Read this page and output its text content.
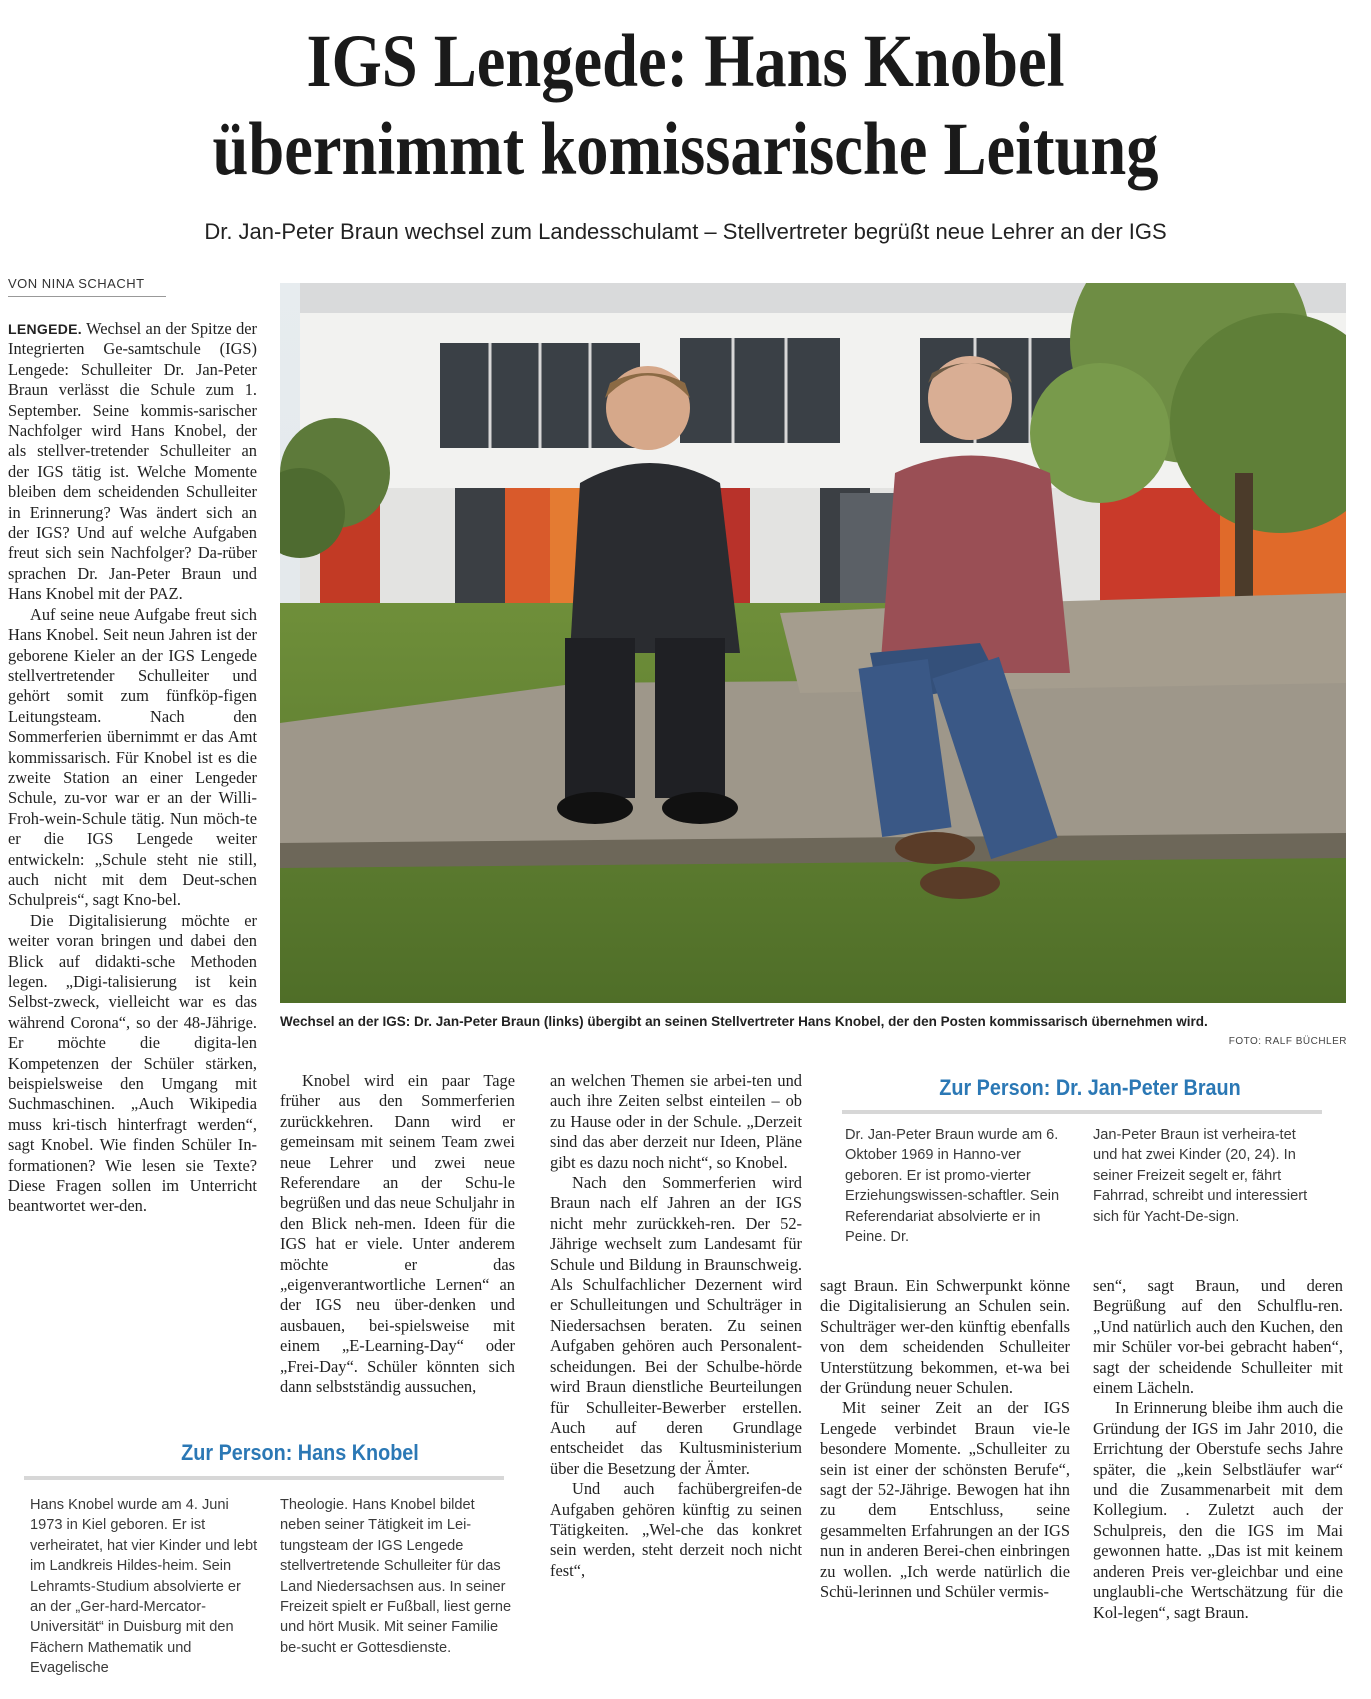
IGS Lengede: Hans Knobel
übernimmt komissarische Leitung
Dr. Jan-Peter Braun wechsel zum Landesschulamt – Stellvertreter begrüßt neue Lehrer an der IGS
VON NINA SCHACHT

LENGEDE. Wechsel an der Spitze der Integrierten Ge-samtschule (IGS) Lengede: Schulleiter Dr. Jan-Peter Braun verlässt die Schule zum 1. September. Seine kommis-sarischer Nachfolger wird Hans Knobel, der als stellver-tretender Schulleiter an der IGS tätig ist. Welche Momente bleiben dem scheidenden Schulleiter in Erinnerung? Was ändert sich an der IGS? Und auf welche Aufgaben freut sich sein Nachfolger? Da-rüber sprachen Dr. Jan-Peter Braun und Hans Knobel mit der PAZ.

Auf seine neue Aufgabe freut sich Hans Knobel. Seit neun Jahren ist der geborene Kieler an der IGS Lengede stellvertretender Schulleiter und gehört somit zum fünfköp-figen Leitungsteam. Nach den Sommerferien übernimmt er das Amt kommissarisch. Für Knobel ist es die zweite Station an einer Lengeder Schule, zu-vor war er an der Willi-Froh-wein-Schule tätig. Nun möch-te er die IGS Lengede weiter entwickeln: „Schule steht nie still, auch nicht mit dem Deut-schen Schulpreis“, sagt Kno-bel.

Die Digitalisierung möchte er weiter voran bringen und dabei den Blick auf didakti-sche Methoden legen. „Digi-talisierung ist kein Selbst-zweck, vielleicht war es das während Corona“, so der 48-Jährige. Er möchte die digita-len Kompetenzen der Schüler stärken, beispielsweise den Umgang mit Suchmaschinen. „Auch Wikipedia muss kri-tisch hinterfragt werden“, sagt Knobel. Wie finden Schüler In-formationen? Wie lesen sie Texte? Diese Fragen sollen im Unterricht beantwortet wer-den.

Wechsel an der IGS: Dr. Jan-Peter Braun (links) übergibt an seinen Stellvertreter Hans Knobel, der den Posten kommissarisch übernehmen wird.
FOTO: RALF BÜCHLER

Knobel wird ein paar Tage früher aus den Sommerferien zurückkehren. Dann wird er gemeinsam mit seinem Team zwei neue Lehrer und zwei neue Referendare an der Schu-le begrüßen und das neue Schuljahr in den Blick neh-men. Ideen für die IGS hat er viele. Unter anderem möchte er das „eigenverantwortliche Lernen“ an der IGS neu über-denken und ausbauen, bei-spielsweise mit einem „E-Learning-Day“ oder „Frei-Day“. Schüler könnten sich dann selbstständig aussuchen,

Zur Person: Hans Knobel

Hans Knobel wurde am 4. Juni 1973 in Kiel geboren. Er ist verheiratet, hat vier Kinder und lebt im Landkreis Hildes-heim. Sein Lehramts-Studium absolvierte er an der „Ger-hard-Mercator-Universität“ in Duisburg mit den Fächern Mathematik und Evagelische

Theologie. Hans Knobel bildet neben seiner Tätigkeit im Lei-tungsteam der IGS Lengede stellvertretende Schulleiter für das Land Niedersachsen aus. In seiner Freizeit spielt er Fußball, liest gerne und hört Musik. Mit seiner Familie be-sucht er Gottesdienste.

an welchen Themen sie arbei-ten und auch ihre Zeiten selbst einteilen – ob zu Hause oder in der Schule. „Derzeit sind das aber derzeit nur Ideen, Pläne gibt es dazu noch nicht“, so Knobel.

Nach den Sommerferien wird Braun nach elf Jahren an der IGS nicht mehr zurückkeh-ren. Der 52-Jährige wechselt zum Landesamt für Schule und Bildung in Braunschweig. Als Schulfachlicher Dezernent wird er Schulleitungen und Schulträger in Niedersachsen beraten. Zu seinen Aufgaben gehören auch Personalent-scheidungen. Bei der Schulbe-hörde wird Braun dienstliche Beurteilungen für Schulleiter-Bewerber erstellen. Auch auf deren Grundlage entscheidet das Kultusministerium über die Besetzung der Ämter.

Und auch fachübergreifen-de Aufgaben gehören künftig zu seinen Tätigkeiten. „Wel-che das konkret sein werden, steht derzeit noch nicht fest“,

Zur Person: Dr. Jan-Peter Braun

Dr. Jan-Peter Braun wurde am 6. Oktober 1969 in Hanno-ver geboren. Er ist promo-vierter Erziehungswissen-schaftler. Sein Referendariat absolvierte er in Peine. Dr.

Jan-Peter Braun ist verheira-tet und hat zwei Kinder (20, 24). In seiner Freizeit segelt er, fährt Fahrrad, schreibt und interessiert sich für Yacht-De-sign.

sagt Braun. Ein Schwerpunkt könne die Digitalisierung an Schulen sein. Schulträger wer-den künftig ebenfalls von dem scheidenden Schulleiter Unterstützung bekommen, et-wa bei der Gründung neuer Schulen.

Mit seiner Zeit an der IGS Lengede verbindet Braun vie-le besondere Momente. „Schulleiter zu sein ist einer der schönsten Berufe“, sagt der 52-Jährige. Bewogen hat ihn zu dem Entschluss, seine gesammelten Erfahrungen an der IGS nun in anderen Berei-chen einbringen zu wollen. „Ich werde natürlich die Schü-lerinnen und Schüler vermis-

sen“, sagt Braun, und deren Begrüßung auf den Schulflu-ren. „Und natürlich auch den Kuchen, den mir Schüler vor-bei gebracht haben“, sagt der scheidende Schulleiter mit einem Lächeln.

In Erinnerung bleibe ihm auch die Gründung der IGS im Jahr 2010, die Errichtung der Oberstufe sechs Jahre später, die „kein Selbstläufer war“ und die Zusammenarbeit mit dem Kollegium. . Zuletzt auch der Schulpreis, den die IGS im Mai gewonnen hatte. „Das ist mit keinem anderen Preis ver-gleichbar und eine unglaubli-che Wertschätzung für die Kol-legen“, sagt Braun.
